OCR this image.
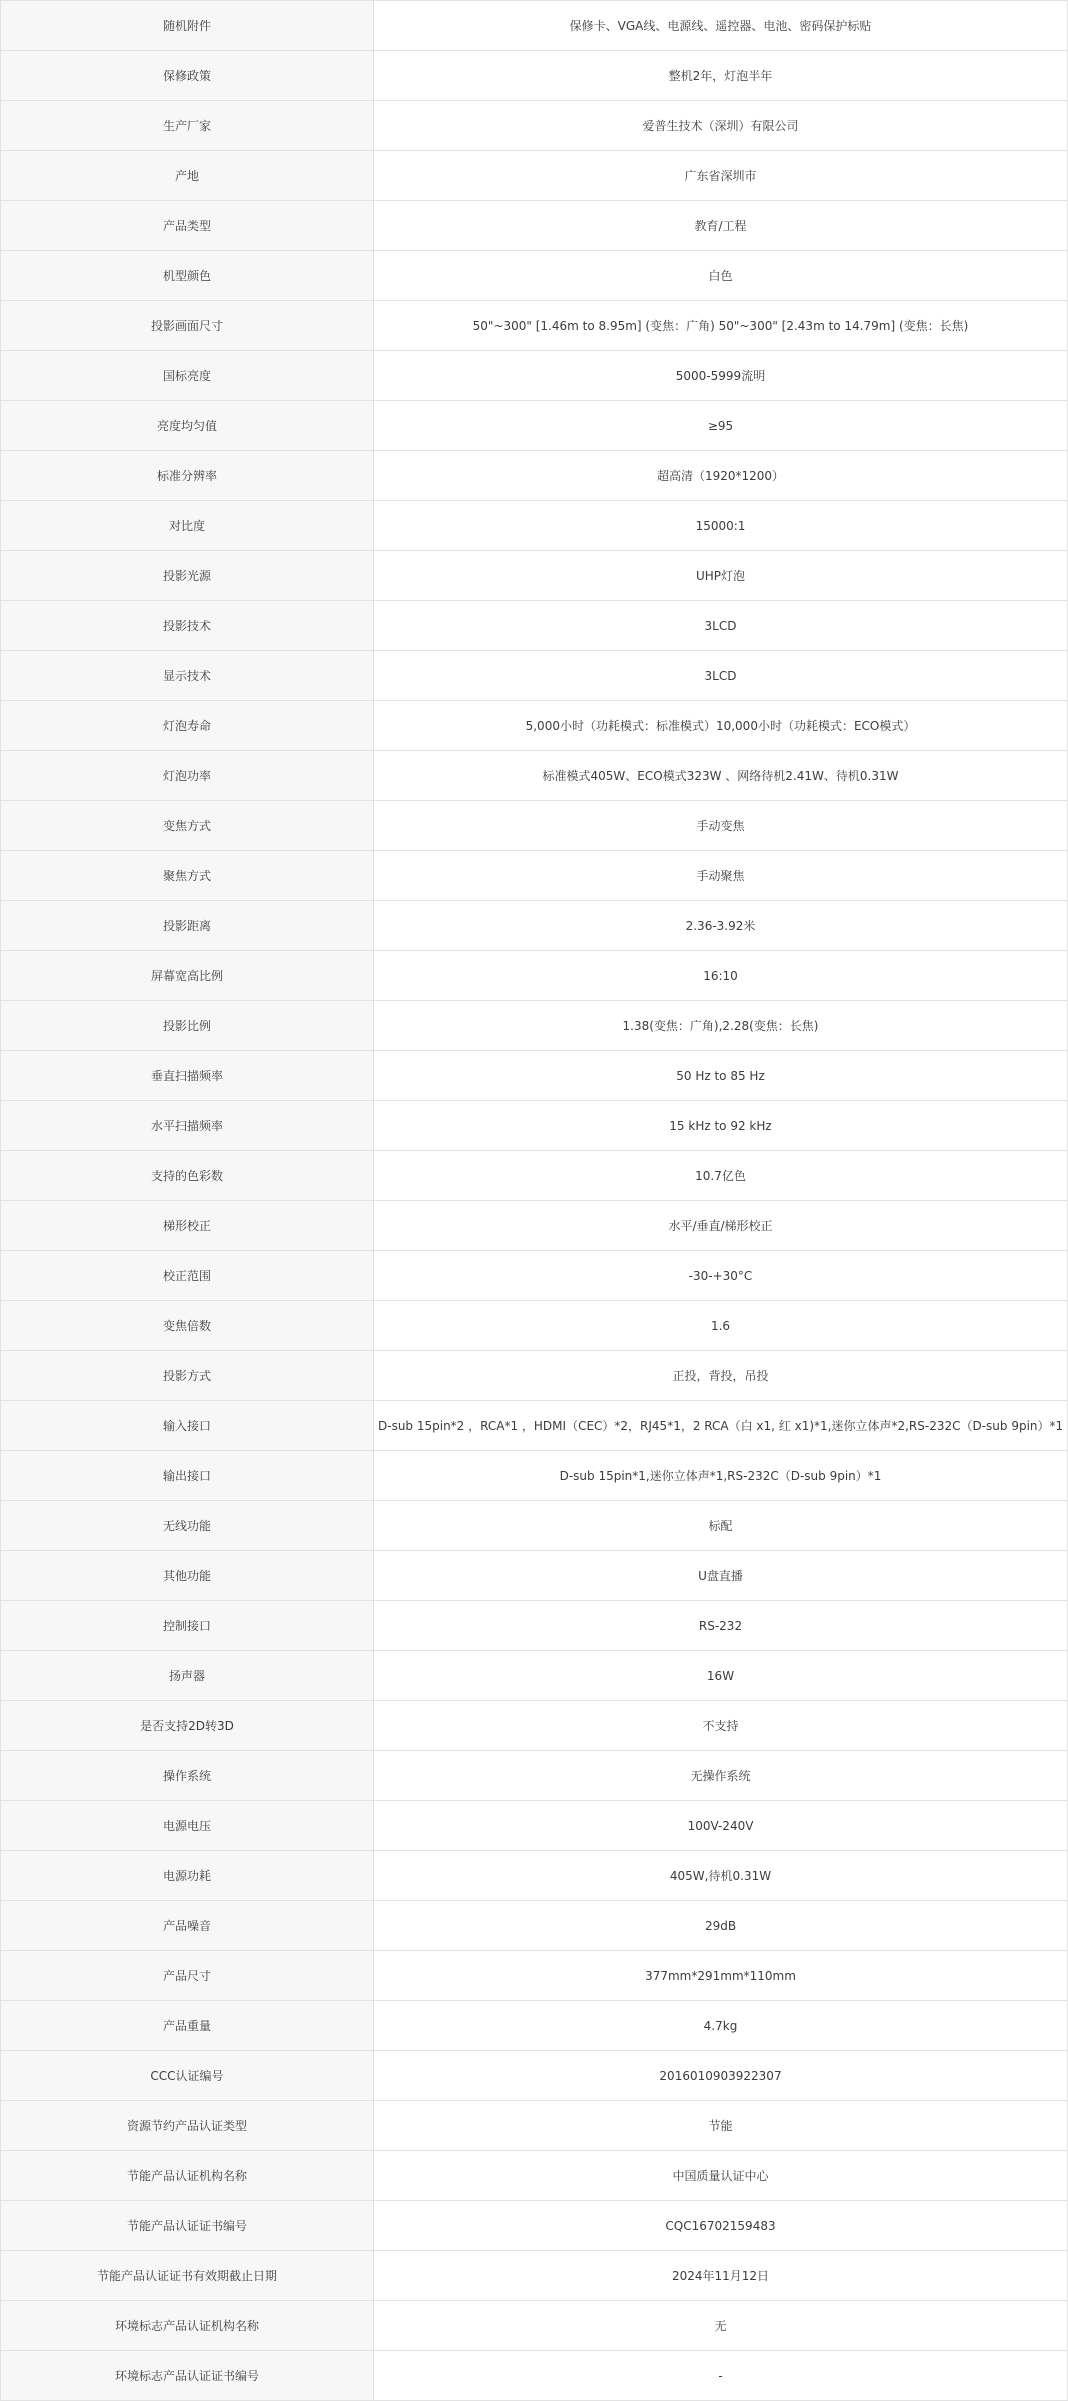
随机附件	保修卡、VGA线、电源线、遥控器、电池、密码保护标贴
保修政策	整机2年，灯泡半年
生产厂家	爱普生技术（深圳）有限公司
产地	广东省深圳市
产品类型	教育/工程
机型颜色	白色
投影画面尺寸	50"~300" [1.46m to 8.95m] (变焦：广角) 50"~300" [2.43m to 14.79m] (变焦：长焦)
国标亮度	5000-5999流明
亮度均匀值	≥95
标准分辨率	超高清（1920*1200）
对比度	15000:1
投影光源	UHP灯泡
投影技术	3LCD
显示技术	3LCD
灯泡寿命	5,000小时（功耗模式：标准模式）10,000小时（功耗模式：ECO模式）
灯泡功率	标准模式405W、ECO模式323W 、网络待机2.41W、待机0.31W
变焦方式	手动变焦
聚焦方式	手动聚焦
投影距离	2.36-3.92米
屏幕宽高比例	16:10
投影比例	1.38(变焦：广角),2.28(变焦：长焦)
垂直扫描频率	50 Hz to 85 Hz
水平扫描频率	15 kHz to 92 kHz
支持的色彩数	10.7亿色
梯形校正	水平/垂直/梯形校正
校正范围	-30-+30°C
变焦倍数	1.6
投影方式	正投，背投，吊投
输入接口	D-sub 15pin*2 ，RCA*1 ，HDMI（CEC）*2，RJ45*1，2 RCA（白 x1, 红 x1)*1,迷你立体声*2,RS-232C（D-sub 9pin）*1
输出接口	D-sub 15pin*1,迷你立体声*1,RS-232C（D-sub 9pin）*1
无线功能	标配
其他功能	U盘直播
控制接口	RS-232
扬声器	16W
是否支持2D转3D	不支持
操作系统	无操作系统
电源电压	100V-240V
电源功耗	405W,待机0.31W
产品噪音	29dB
产品尺寸	377mm*291mm*110mm
产品重量	4.7kg
CCC认证编号	2016010903922307
资源节约产品认证类型	节能
节能产品认证机构名称	中国质量认证中心
节能产品认证证书编号	CQC16702159483
节能产品认证证书有效期截止日期	2024年11月12日
环境标志产品认证机构名称	无
环境标志产品认证证书编号	-
